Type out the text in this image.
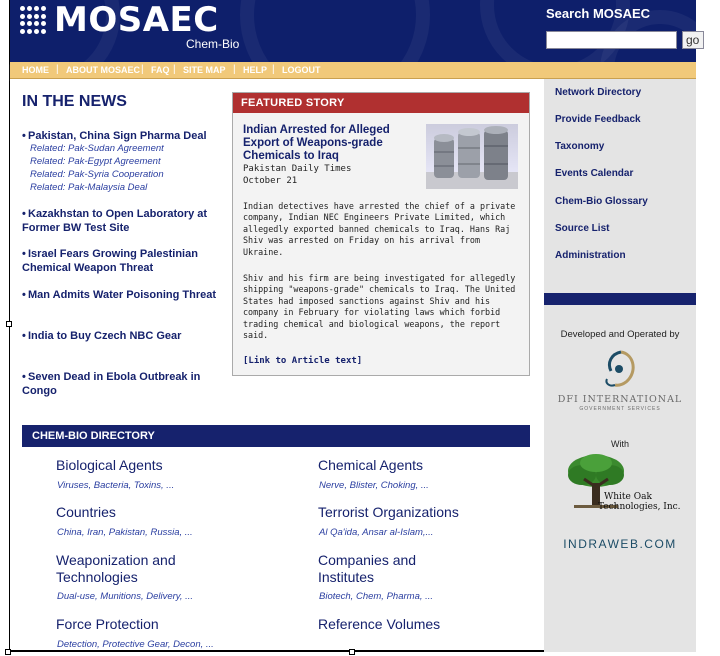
MOSAEC
Chem-Bio
Search MOSAEC
go
HOME | ABOUT MOSAEC | FAQ | SITE MAP | HELP | LOGOUT
IN THE NEWS
• Pakistan, China Sign Pharma Deal
Related: Pak-Sudan Agreement
Related: Pak-Egypt Agreement
Related: Pak-Syria Cooperation
Related: Pak-Malaysia Deal
• Kazakhstan to Open Laboratory at Former BW Test Site
• Israel Fears Growing Palestinian Chemical Weapon Threat
• Man Admits Water Poisoning Threat
• India to Buy Czech NBC Gear
• Seven Dead in Ebola Outbreak in Congo
FEATURED STORY
Indian Arrested for Alleged Export of Weapons-grade Chemicals to Iraq
Pakistan Daily Times
October 21
Indian detectives have arrested the chief of a private company, Indian NEC Engineers Private Limited, which allegedly exported banned chemicals to Iraq. Hans Raj Shiv was arrested on Friday on his arrival from Ukraine.
Shiv and his firm are being investigated for allegedly shipping "weapons-grade" chemicals to Iraq. The United States had imposed sanctions against Shiv and his company in February for violating laws which forbid trading chemical and biological weapons, the report said.
[Link to Article text]
CHEM-BIO DIRECTORY
Biological Agents
Viruses, Bacteria, Toxins, ...
Chemical Agents
Nerve, Blister, Choking, ...
Countries
China, Iran, Pakistan, Russia, ...
Terrorist Organizations
Al Qa'ida, Ansar al-Islam,...
Weaponization and Technologies
Dual-use, Munitions, Delivery, ...
Companies and Institutes
Biotech, Chem, Pharma, ...
Force Protection
Detection, Protective Gear, Decon, ...
Reference Volumes
Network Directory
Provide Feedback
Taxonomy
Events Calendar
Chem-Bio Glossary
Source List
Administration
Developed and Operated by
DFI INTERNATIONAL
GOVERNMENT SERVICES
With
White Oak
Technologies, Inc.
INDRAWEB.COM
